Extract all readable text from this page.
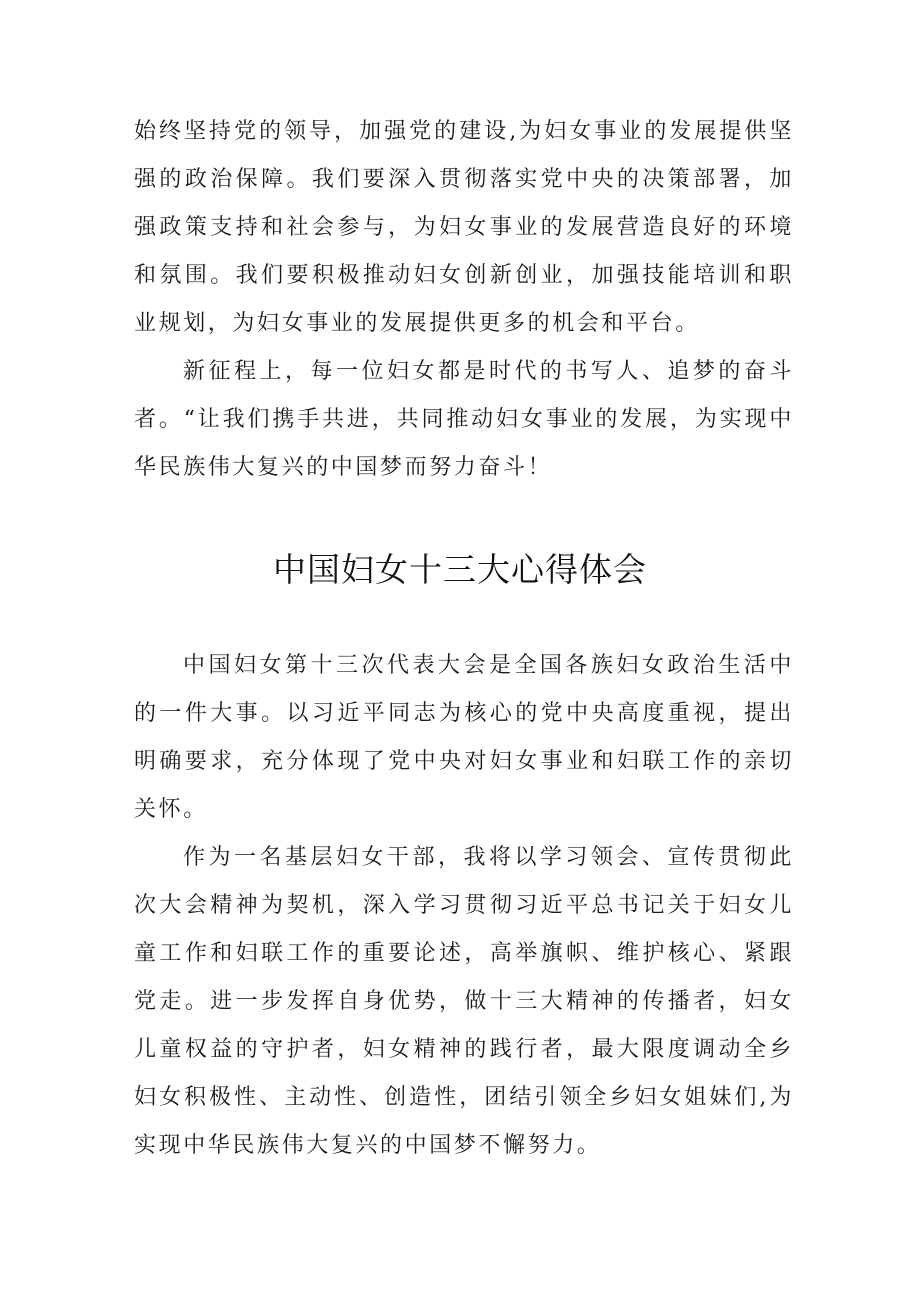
始终坚持党的领导，加强党的建设,为妇女事业的发展提供坚强的政治保障。我们要深入贯彻落实党中央的决策部署，加强政策支持和社会参与，为妇女事业的发展营造良好的环境和氛围。我们要积极推动妇女创新创业，加强技能培训和职业规划，为妇女事业的发展提供更多的机会和平台。

新征程上，每一位妇女都是时代的书写人、追梦的奋斗者。“让我们携手共进，共同推动妇女事业的发展，为实现中华民族伟大复兴的中国梦而努力奋斗！

中国妇女十三大心得体会

中国妇女第十三次代表大会是全国各族妇女政治生活中的一件大事。以习近平同志为核心的党中央高度重视，提出明确要求，充分体现了党中央对妇女事业和妇联工作的亲切关怀。

作为一名基层妇女干部，我将以学习领会、宣传贯彻此次大会精神为契机，深入学习贯彻习近平总书记关于妇女儿童工作和妇联工作的重要论述，高举旗帜、维护核心、紧跟党走。进一步发挥自身优势，做十三大精神的传播者，妇女儿童权益的守护者，妇女精神的践行者，最大限度调动全乡妇女积极性、主动性、创造性，团结引领全乡妇女姐妹们,为实现中华民族伟大复兴的中国梦不懈努力。
